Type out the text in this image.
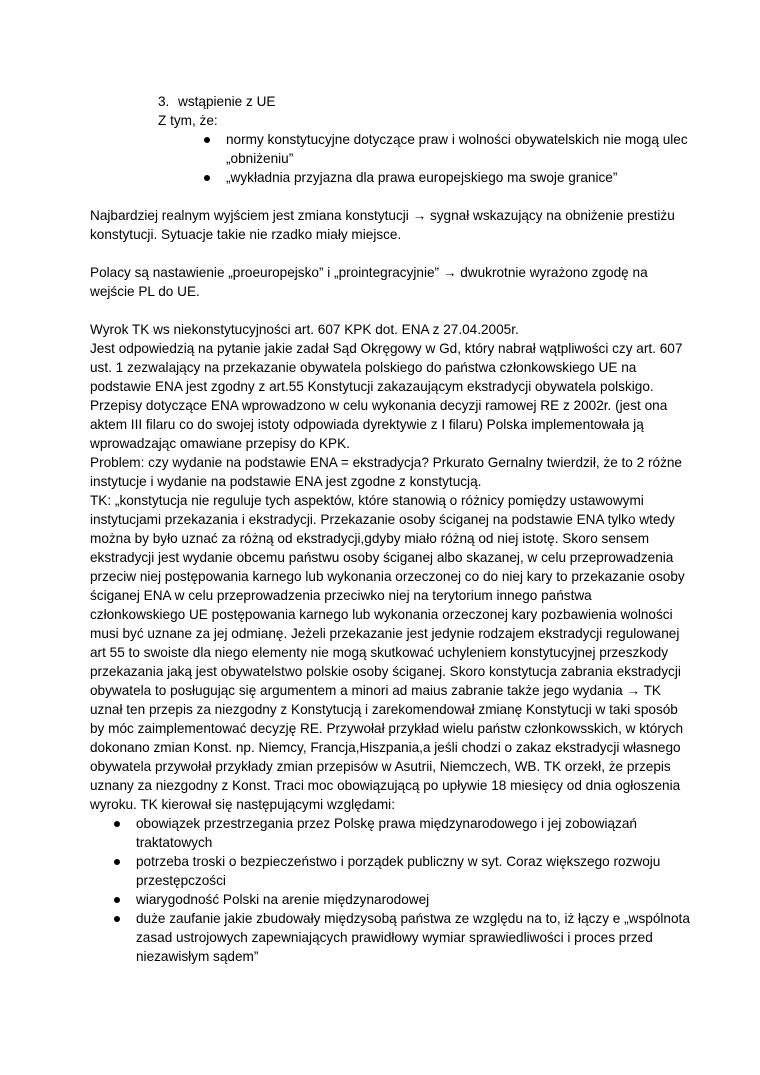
3. wstąpienie z UE

Z tym, że:

normy konstytucyjne dotyczące praw i wolności obywatelskich nie mogą ulec „obniżeniu”
„wykładnia przyjazna dla prawa europejskiego ma swoje granice”

Najbardziej realnym wyjściem jest zmiana konstytucji → sygnał wskazujący na obniżenie prestiżu konstytucji. Sytuacje takie nie rzadko miały miejsce.

Polacy są nastawienie „proeuropejsko” i „prointegracyjnie” → dwukrotnie wyrażono zgodę na wejście PL do UE.

Wyrok TK ws niekonstytucyjności art. 607 KPK dot. ENA z 27.04.2005r.

Jest odpowiedzią na pytanie jakie zadał Sąd Okręgowy w Gd, który nabrał wątpliwości czy art. 607 ust. 1 zezwalający na przekazanie obywatela polskiego do państwa członkowskiego UE na podstawie ENA jest zgodny z art.55 Konstytucji zakazaującym ekstradycji obywatela polskigo. Przepisy dotyczące ENA wprowadzono w celu wykonania decyzji ramowej RE z 2002r. (jest ona aktem III filaru co do swojej istoty odpowiada dyrektywie z I filaru) Polska implementowała ją wprowadzając omawiane przepisy do KPK.

Problem: czy wydanie na podstawie ENA = ekstradycja? Prkurato Gernalny twierdził, że to 2 różne instytucje i wydanie na podstawie ENA jest zgodne z konstytucją.

TK: „konstytucja nie reguluje tych aspektów, które stanowią o różnicy pomiędzy ustawowymi instytucjami przekazania i ekstradycji. Przekazanie osoby ściganej na podstawie ENA tylko wtedy można by było uznać za różną od ekstradycji,gdyby miało różną od niej istotę. Skoro sensem ekstradycji jest wydanie obcemu państwu osoby ściganej albo skazanej, w celu przeprowadzenia przeciw niej postępowania karnego lub wykonania orzeczonej co do niej kary to przekazanie osoby ściganej ENA w celu przeprowadzenia przeciwko niej na terytorium innego państwa członkowskiego UE postępowania karnego lub wykonania orzeczonej kary pozbawienia wolności musi być uznane za jej odmianę. Jeżeli przekazanie jest jedynie rodzajem ekstradycji regulowanej art 55 to swoiste dla niego elementy nie mogą skutkować uchyleniem konstytucyjnej przeszkody przekazania jaką jest obywatelstwo polskie osoby ściganej. Skoro konstytucja zabrania ekstradycji obywatela to posługując się argumentem a minori ad maius zabranie także jego wydania → TK uznał ten przepis za niezgodny z Konstytucją i zarekomendował zmianę Konstytucji w taki sposób by móc zaimplementować decyzję RE. Przywołał przykład wielu państw członkowsskich, w których dokonano zmian Konst. np. Niemcy, Francja,Hiszpania,a jeśli chodzi o zakaz ekstradycji własnego obywatela przywołał przykłady zmian przepisów w Asutrii, Niemczech, WB. TK orzekł, że przepis uznany za niezgodny z Konst. Traci moc obowiązującą po upływie 18 miesięcy od dnia ogłoszenia wyroku. TK kierował się następującymi względami:

obowiązek przestrzegania przez Polskę prawa międzynarodowego i jej zobowiązań traktatowych
potrzeba troski o bezpieczeństwo i porządek publiczny w syt. Coraz większego rozwoju przestępczości
wiarygodność Polski na arenie międzynarodowej
duże zaufanie jakie zbudowały międzysobą państwa ze względu na to, iż łączy e „wspólnota zasad ustrojowych zapewniających prawidłowy wymiar sprawiedliwości i proces przed niezawisłym sądem”
